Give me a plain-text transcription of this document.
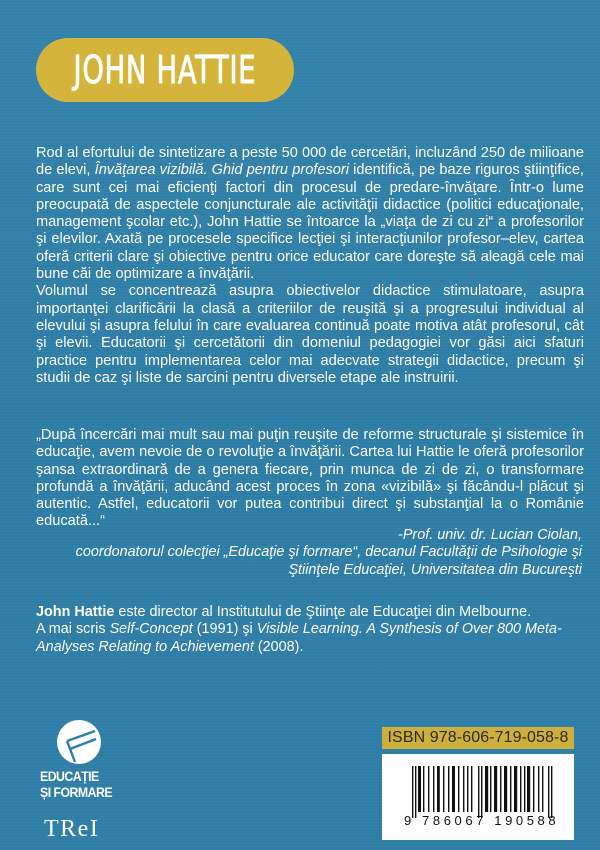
JOHN HATTIE

Rod al efortului de sintetizare a peste 50 000 de cercetări, incluzând 250 de milioane de elevi, Învăţarea vizibilă. Ghid pentru profesori identifică, pe baze riguros ştiinţifice, care sunt cei mai eficienţi factori din procesul de predare-învăţare. Într-o lume preocupată de aspectele conjuncturale ale activităţii didactice (politici educaţionale, management şcolar etc.), John Hattie se întoarce la „viaţa de zi cu zi“ a profesorilor şi elevilor. Axată pe procesele specifice lecţiei şi interacţiunilor profesor–elev, cartea oferă criterii clare şi obiective pentru orice educator care doreşte să aleagă cele mai bune căi de optimizare a învăţării.

Volumul se concentrează asupra obiectivelor didactice stimulatoare, asupra importanţei clarificării la clasă a criteriilor de reuşită şi a progresului individual al elevului şi asupra felului în care evaluarea continuă poate motiva atât profesorul, cât şi elevii. Educatorii şi cercetătorii din domeniul pedagogiei vor găsi aici sfaturi practice pentru implementarea celor mai adecvate strategii didactice, precum şi studii de caz şi liste de sarcini pentru diversele etape ale instruirii.

„După încercări mai mult sau mai puţin reuşite de reforme structurale şi sistemice în educaţie, avem nevoie de o revoluţie a învăţării. Cartea lui Hattie le oferă profesorilor şansa extraordinară de a genera fiecare, prin munca de zi de zi, o transformare profundă a învăţării, aducând acest proces în zona «vizibilă» şi făcându-l plăcut şi autentic. Astfel, educatorii vor putea contribui direct şi substanţial la o Românie educată...“
-Prof. univ. dr. Lucian Ciolan,
coordonatorul colecţiei „Educaţie şi formare“, decanul Facultăţii de Psihologie şi
Ştiinţele Educaţiei, Universitatea din Bucureşti
John Hattie este director al Institutului de Ştiinţe ale Educaţiei din Melbourne.
A mai scris Self-Concept (1991) şi Visible Learning. A Synthesis of Over 800 Meta-Analyses Relating to Achievement (2008).
EDUCAȚIE
ȘI FORMARE
TReI
ISBN 978-606-719-058-8
9 786067 190588
